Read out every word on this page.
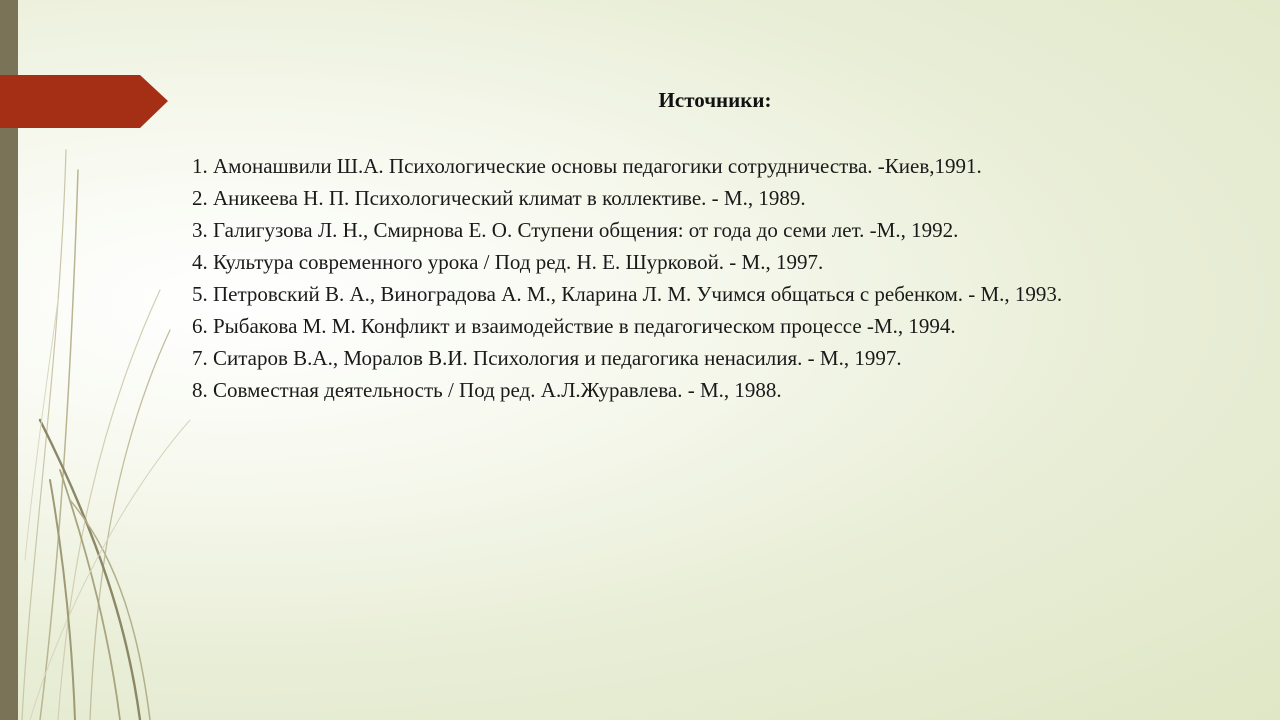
Источники:
1. Амонашвили Ш.А. Психологические основы педагогики сотрудничества. -Киев,1991.
2. Аникеева Н. П. Психологический климат в коллективе. - М., 1989.
3. Галигузова Л. Н., Смирнова Е. О. Ступени общения: от года до семи лет. -М., 1992.
4. Культура современного урока / Под ред. Н. Е. Шурковой. - М., 1997.
5. Петровский В. А., Виноградова А. М., Кларина Л. М. Учимся общаться с ребенком. - М., 1993.
6. Рыбакова М. М. Конфликт и взаимодействие в педагогическом процессе -М., 1994.
7. Ситаров В.А., Моралов В.И. Психология и педагогика ненасилия. - М., 1997.
8. Совместная деятельность / Под ред. А.Л.Журавлева. - М., 1988.
